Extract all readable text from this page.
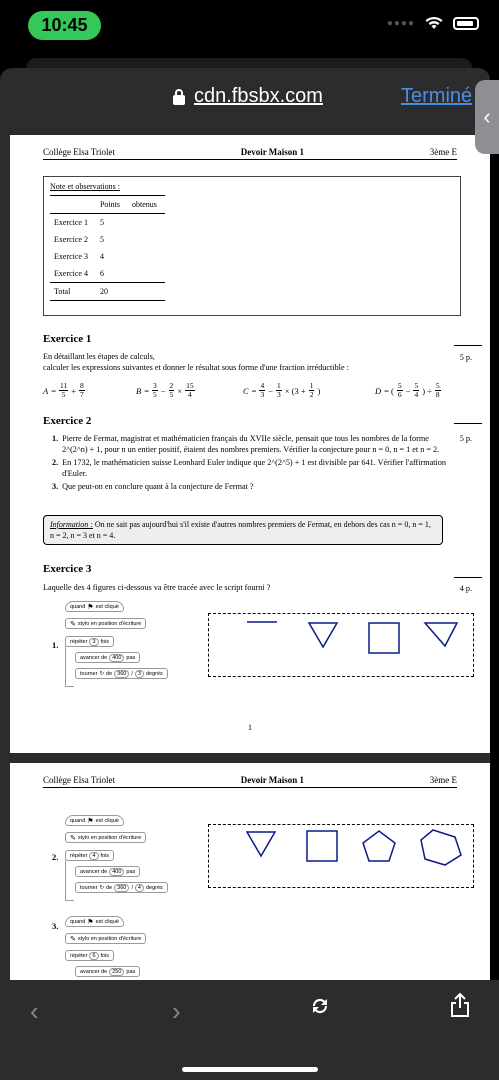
10:45	●●●●
cdn.fbsbx.com	Terminé
Collège Elsa Triolet	Devoir Maison 1	3ème E
Note et observations :
	Points	obtenus
Exercice 1	5	
Exercice 2	5	
Exercice 3	4	
Exercice 4	6	
Total	20	
Exercice 1
5 p.
En détaillant les étapes de calculs,
calculer les expressions suivantes et donner le résultat sous forme d'une fraction irréductible :
$A = \frac{11}{5} + \frac{8}{7}$	$B = \frac{3}{5} - \frac{2}{5} \times \frac{15}{4}$	$C = \frac{4}{3} - \frac{1}{3} \times (3 + \frac{1}{2}$ )	D = ( $\frac{5}{6} - \frac{5}{4}$ ) ÷ $\frac{5}{8}$
Exercice 2
5 p.
1. Pierre de Fermat, magistrat et mathématicien français du XVIIe siècle, pensait que tous les nombres de la forme 2^(2^n) + 1, pour n un entier positif, étaient des nombres premiers. Vérifier la conjecture pour n = 0, n = 1 et n = 2.
2. En 1732, le mathématicien suisse Leonhard Euler indique que 2^(2^5) + 1 est divisible par 641. Vérifier l'affirmation d'Euler.
3. Que peut-on en conclure quant à la conjecture de Fermat ?
Information : On ne sait pas aujourd'hui s'il existe d'autres nombres premiers de Fermat, en dehors des cas n = 0, n = 1, n = 2, n = 3 et n = 4.
Exercice 3
4 p.
Laquelle des 4 figures ci-dessous va être tracée avec le script fourni ?
1.
quand ⚑ est cliqué
✎ stylo en position d'écriture
répéter 3 fois
avancer de 400 pas
tourner ↻ de 360 / 3 degrés
1
Collège Elsa Triolet	Devoir Maison 1	3ème E
2.
quand ⚑ est cliqué
✎ stylo en position d'écriture
répéter 4 fois
avancer de 400 pas
tourner ↻ de 360 / 4 degrés
3. quand ⚑ est cliqué
✎ stylo en position d'écriture
répéter 6 fois
avancer de 250 pas
‹
‹	›
